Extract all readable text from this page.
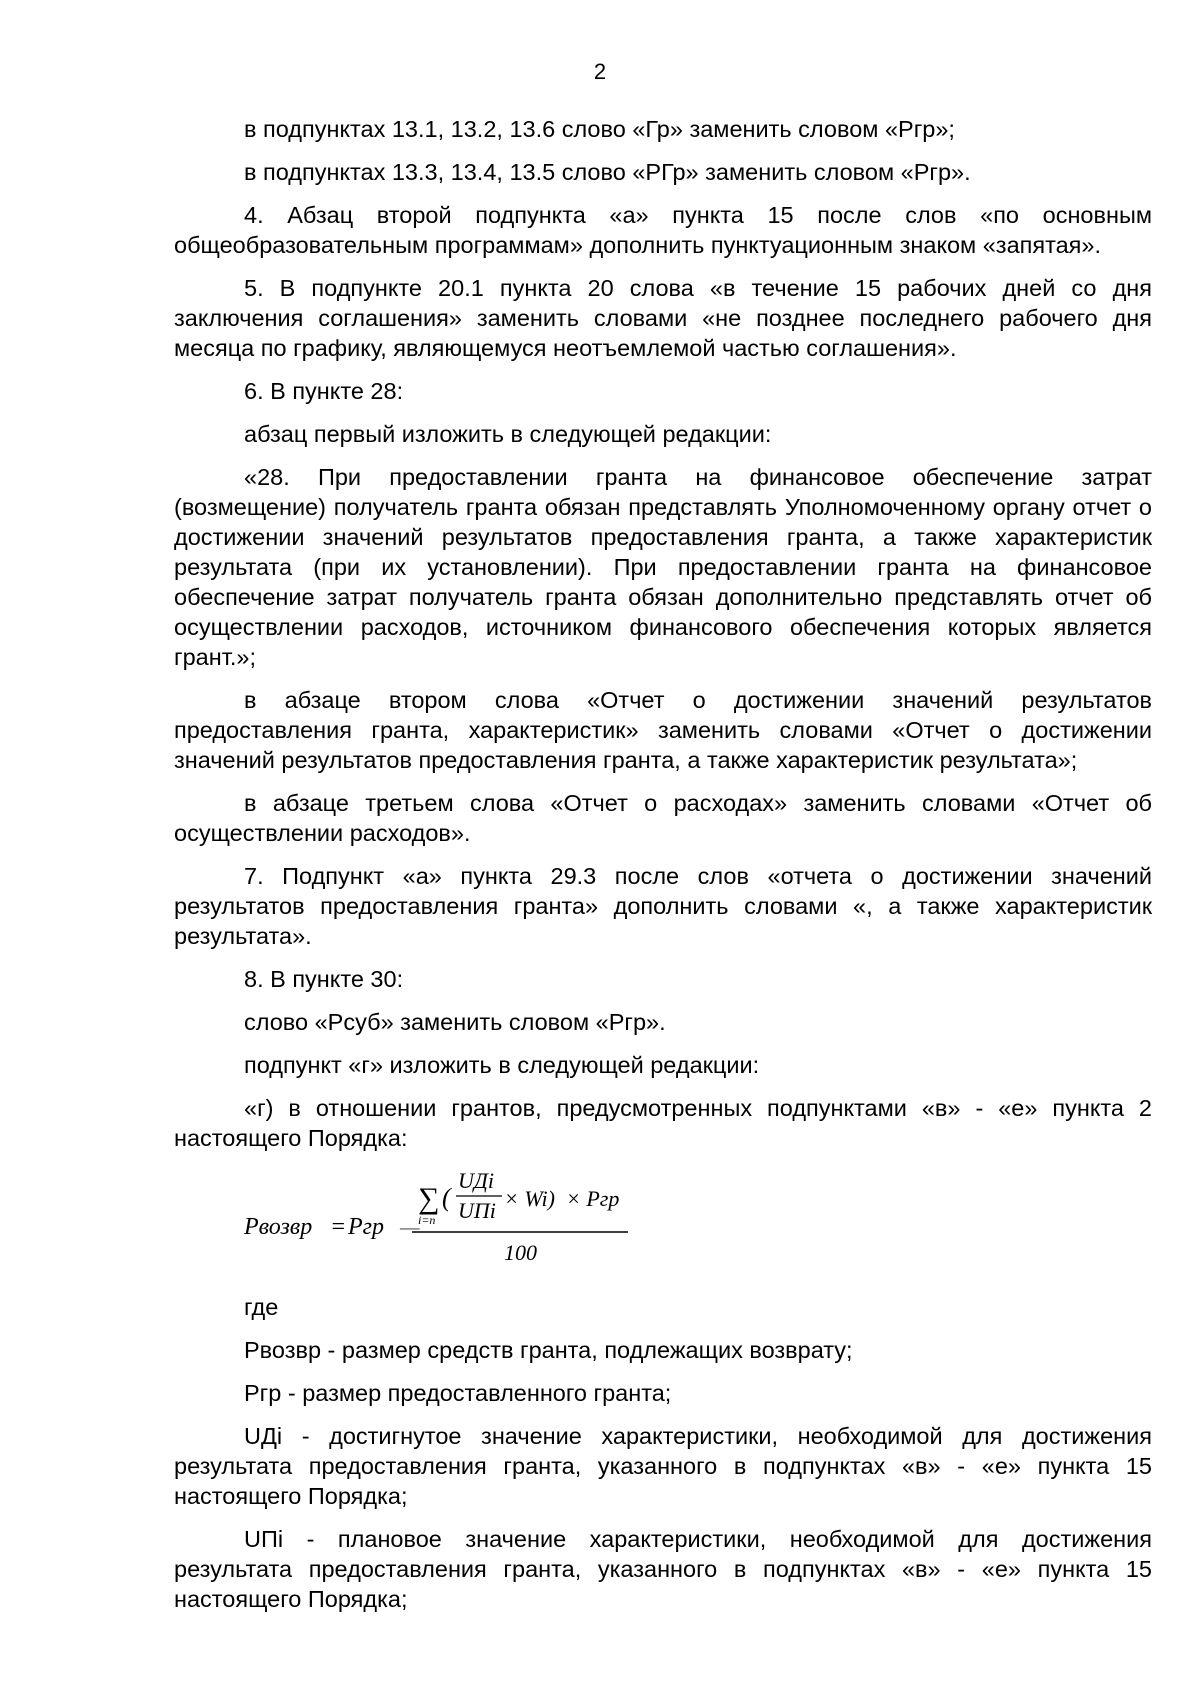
2

в подпунктах 13.1, 13.2, 13.6 слово «Гр» заменить словом «Ргр»;

в подпунктах 13.3, 13.4, 13.5 слово «РГр» заменить словом «Ргр».

4. Абзац второй подпункта «а» пункта 15 после слов «по основным общеобразовательным программам» дополнить пунктуационным знаком «запятая».

5. В подпункте 20.1 пункта 20 слова «в течение 15 рабочих дней со дня заключения соглашения» заменить словами «не позднее последнего рабочего дня месяца по графику, являющемуся неотъемлемой частью соглашения».

6. В пункте 28:

абзац первый изложить в следующей редакции:

«28. При предоставлении гранта на финансовое обеспечение затрат (возмещение) получатель гранта обязан представлять Уполномоченному органу отчет о достижении значений результатов предоставления гранта, а также характеристик результата (при их установлении). При предоставлении гранта на финансовое обеспечение затрат получатель гранта обязан дополнительно представлять отчет об осуществлении расходов, источником финансового обеспечения которых является грант.»;

в абзаце втором слова «Отчет о достижении значений результатов предоставления гранта, характеристик» заменить словами «Отчет о достижении значений результатов предоставления гранта, а также характеристик результата»;

в абзаце третьем слова «Отчет о расходах» заменить словами «Отчет об осуществлении расходов».

7. Подпункт «а» пункта 29.3 после слов «отчета о достижении значений результатов предоставления гранта» дополнить словами «, а также характеристик результата».

8. В пункте 30:

слово «Рсуб» заменить словом «Ргр».

подпункт «г» изложить в следующей редакции:

«г) в отношении грантов, предусмотренных подпунктами «в» - «е» пункта 2 настоящего Порядка:

Pвозвр = Pгр —
∑
i=n
(
UДi
UПi × Wi) × Pгр
100

где

Рвозвр - размер средств гранта, подлежащих возврату;

Ргр - размер предоставленного гранта;

UДi - достигнутое значение характеристики, необходимой для достижения результата предоставления гранта, указанного в подпунктах «в» - «е» пункта 15 настоящего Порядка;

UПi - плановое значение характеристики, необходимой для достижения результата предоставления гранта, указанного в подпунктах «в» - «е» пункта 15 настоящего Порядка;
